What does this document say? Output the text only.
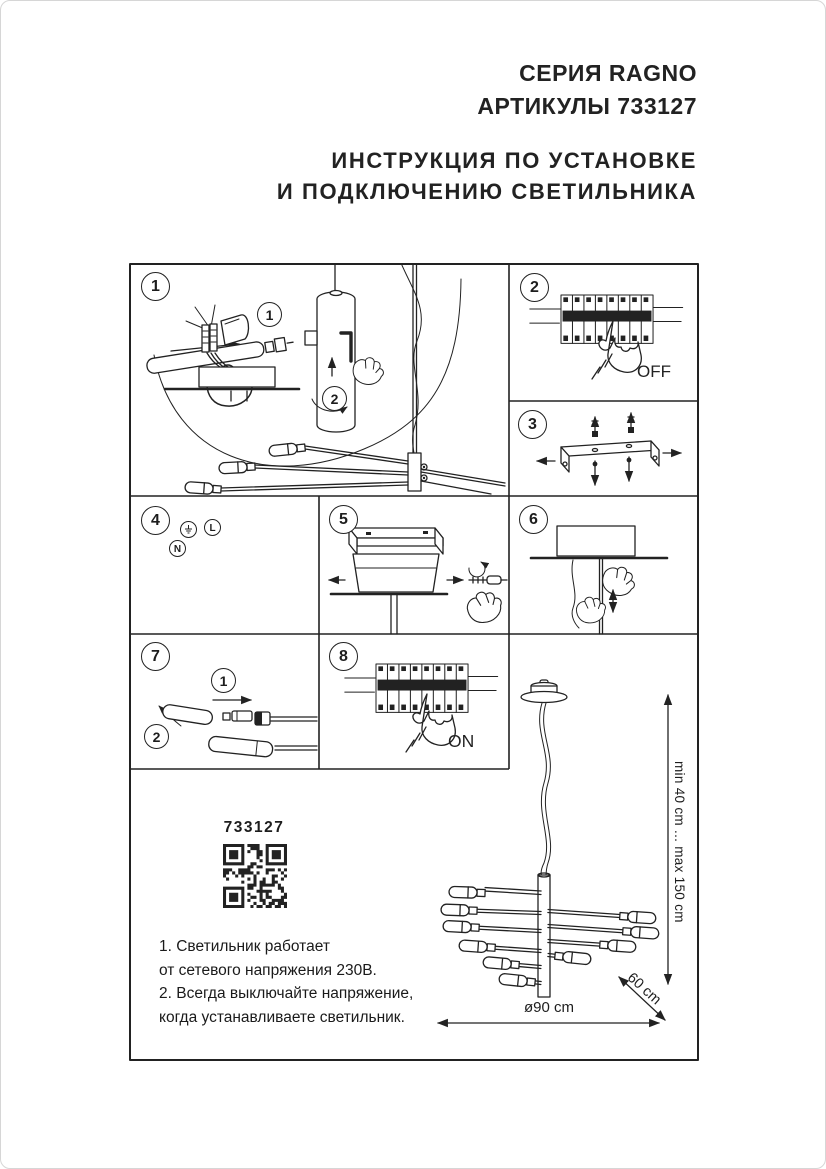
СЕРИЯ RAGNO
АРТИКУЛЫ 733127
ИНСТРУКЦИЯ ПО УСТАНОВКЕ
И ПОДКЛЮЧЕНИЮ СВЕТИЛЬНИКА
1	2
3
4	5	6
7	8
1
2
1
2
L
N
OFF
ON
733127
1. Светильник работает
от сетевого напряжения 230В.
2. Всегда выключайте напряжение,
когда устанавливаете светильник.
min 40 cm ... max 150 cm
60 cm
ø90 cm
